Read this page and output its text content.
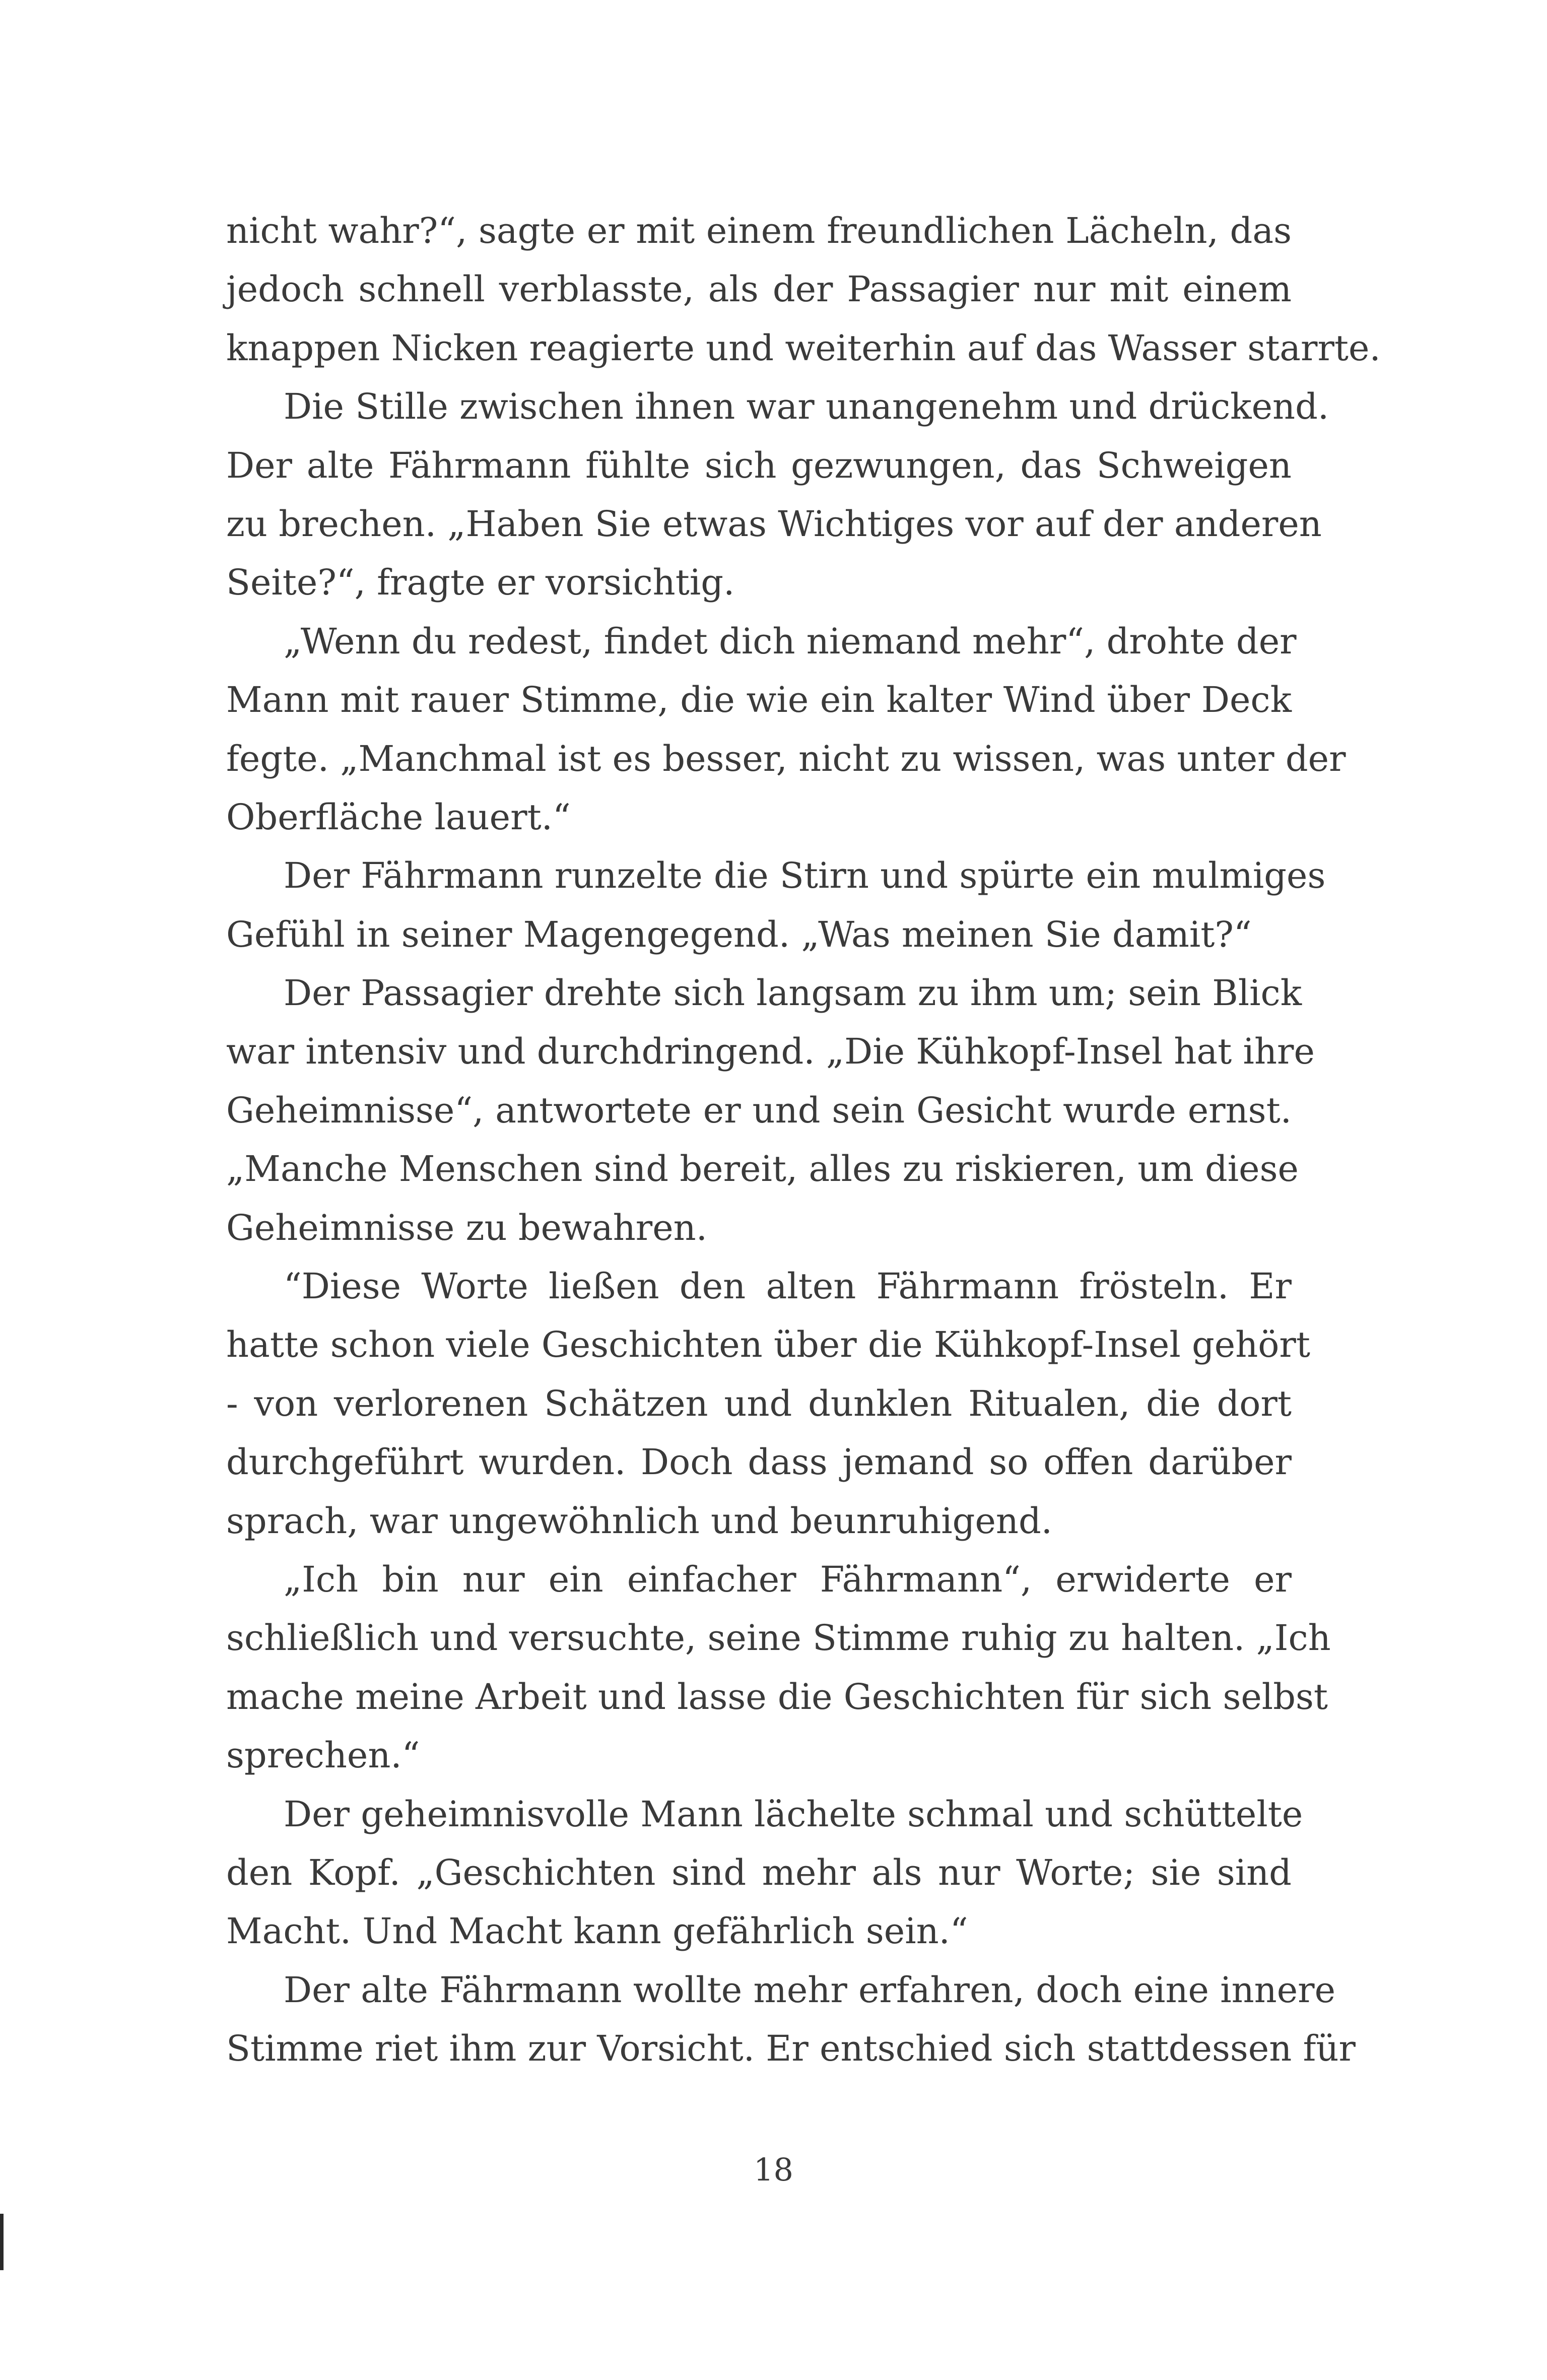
nicht wahr?“, sagte er mit einem freundlichen Lächeln, das
jedoch schnell verblasste, als der Passagier nur mit einem
knappen Nicken reagierte und weiterhin auf das Wasser starrte.

Die Stille zwischen ihnen war unangenehm und drückend.
Der alte Fährmann fühlte sich gezwungen, das Schweigen
zu brechen. „Haben Sie etwas Wichtiges vor auf der anderen
Seite?“, fragte er vorsichtig.

„Wenn du redest, findet dich niemand mehr“, drohte der
Mann mit rauer Stimme, die wie ein kalter Wind über Deck
fegte. „Manchmal ist es besser, nicht zu wissen, was unter der
Oberfläche lauert.“

Der Fährmann runzelte die Stirn und spürte ein mulmiges
Gefühl in seiner Magengegend. „Was meinen Sie damit?“

Der Passagier drehte sich langsam zu ihm um; sein Blick
war intensiv und durchdringend. „Die Kühkopf-Insel hat ihre
Geheimnisse“, antwortete er und sein Gesicht wurde ernst.
„Manche Menschen sind bereit, alles zu riskieren, um diese
Geheimnisse zu bewahren.

“Diese Worte ließen den alten Fährmann frösteln. Er
hatte schon viele Geschichten über die Kühkopf-Insel gehört
- von verlorenen Schätzen und dunklen Ritualen, die dort
durchgeführt wurden. Doch dass jemand so offen darüber
sprach, war ungewöhnlich und beunruhigend.

„Ich bin nur ein einfacher Fährmann“, erwiderte er
schließlich und versuchte, seine Stimme ruhig zu halten. „Ich
mache meine Arbeit und lasse die Geschichten für sich selbst
sprechen.“

Der geheimnisvolle Mann lächelte schmal und schüttelte
den Kopf. „Geschichten sind mehr als nur Worte; sie sind
Macht. Und Macht kann gefährlich sein.“

Der alte Fährmann wollte mehr erfahren, doch eine innere
Stimme riet ihm zur Vorsicht. Er entschied sich stattdessen für

18
